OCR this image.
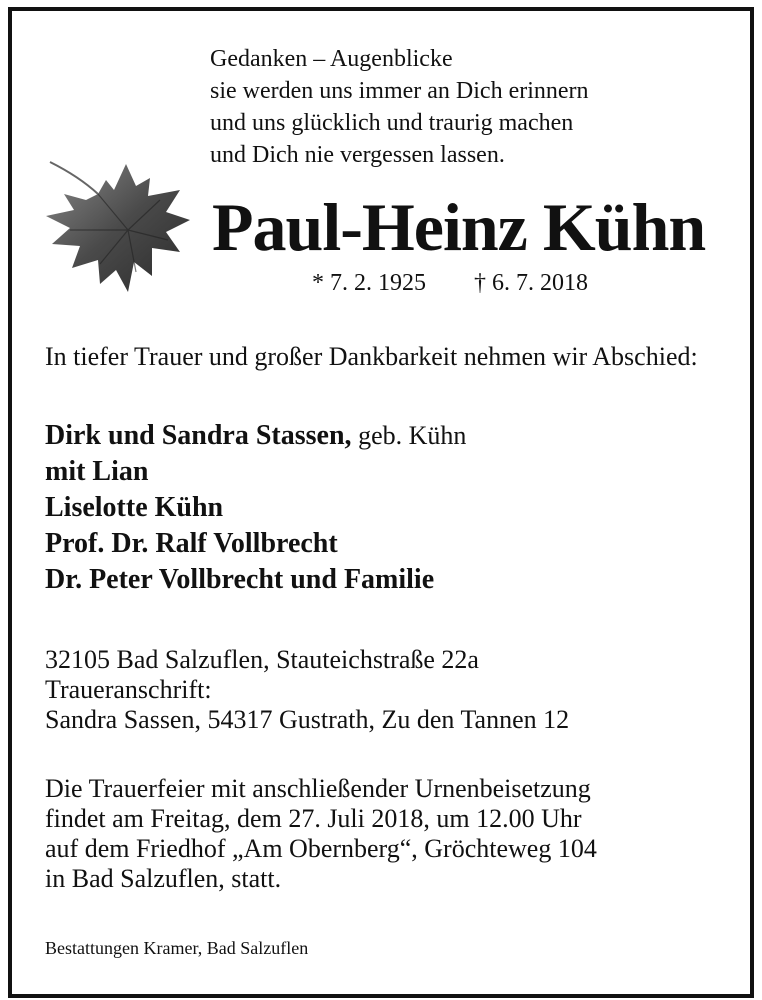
Gedanken – Augenblicke
sie werden uns immer an Dich erinnern
und uns glücklich und traurig machen
und Dich nie vergessen lassen.
Paul-Heinz Kühn
* 7. 2. 1925 † 6. 7. 2018
In tiefer Trauer und großer Dankbarkeit nehmen wir Abschied:
Dirk und Sandra Stassen, geb. Kühn
mit Lian
Liselotte Kühn
Prof. Dr. Ralf Vollbrecht
Dr. Peter Vollbrecht und Familie
32105 Bad Salzuflen, Stauteichstraße 22a
Traueranschrift:
Sandra Sassen, 54317 Gustrath, Zu den Tannen 12
Die Trauerfeier mit anschließender Urnenbeisetzung
findet am Freitag, dem 27. Juli 2018, um 12.00 Uhr
auf dem Friedhof „Am Obernberg“, Gröchteweg 104
in Bad Salzuflen, statt.
Bestattungen Kramer, Bad Salzuflen
